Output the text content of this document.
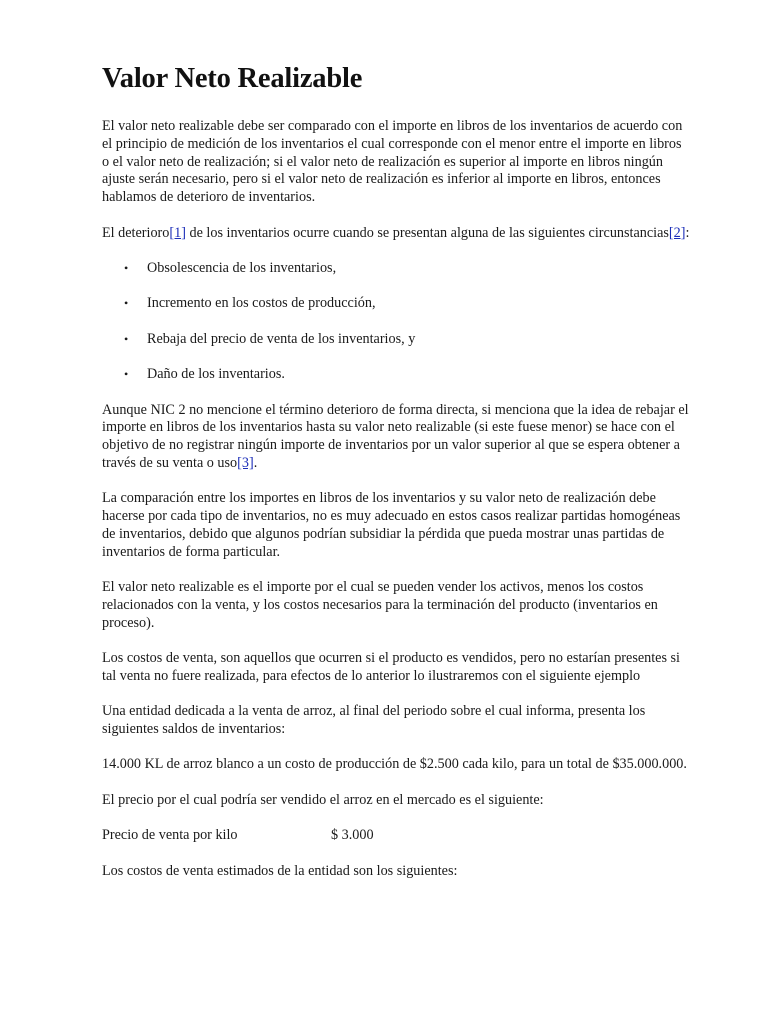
Valor Neto Realizable

El valor neto realizable debe ser comparado con el importe en libros de los inventarios de acuerdo con el principio de medición de los inventarios el cual corresponde con el menor entre el importe en libros o el valor neto de realización; si el valor neto de realización es superior al importe en libros ningún ajuste serán necesario, pero si el valor neto de realización es inferior al importe en libros, entonces hablamos de deterioro de inventarios.

El deterioro[1] de los inventarios ocurre cuando se presentan alguna de las siguientes circunstancias[2]:

• Obsolescencia de los inventarios,
• Incremento en los costos de producción,
• Rebaja del precio de venta de los inventarios, y
• Daño de los inventarios.

Aunque NIC 2 no mencione el término deterioro de forma directa, si menciona que la idea de rebajar el importe en libros de los inventarios hasta su valor neto realizable (si este fuese menor) se hace con el objetivo de no registrar ningún importe de inventarios por un valor superior al que se espera obtener a través de su venta o uso[3].

La comparación entre los importes en libros de los inventarios y su valor neto de realización debe hacerse por cada tipo de inventarios, no es muy adecuado en estos casos realizar partidas homogéneas de inventarios, debido que algunos podrían subsidiar la pérdida que pueda mostrar unas partidas de inventarios de forma particular.

El valor neto realizable es el importe por el cual se pueden vender los activos, menos los costos relacionados con la venta, y los costos necesarios para la terminación del producto (inventarios en proceso).

Los costos de venta, son aquellos que ocurren si el producto es vendidos, pero no estarían presentes si tal venta no fuere realizada, para efectos de lo anterior lo ilustraremos con el siguiente ejemplo

Una entidad dedicada a la venta de arroz, al final del periodo sobre el cual informa, presenta los siguientes saldos de inventarios:

14.000 KL de arroz blanco a un costo de producción de $2.500 cada kilo, para un total de $35.000.000.

El precio por el cual podría ser vendido el arroz en el mercado es el siguiente:

Precio de venta por kilo	$ 3.000

Los costos de venta estimados de la entidad son los siguientes:
